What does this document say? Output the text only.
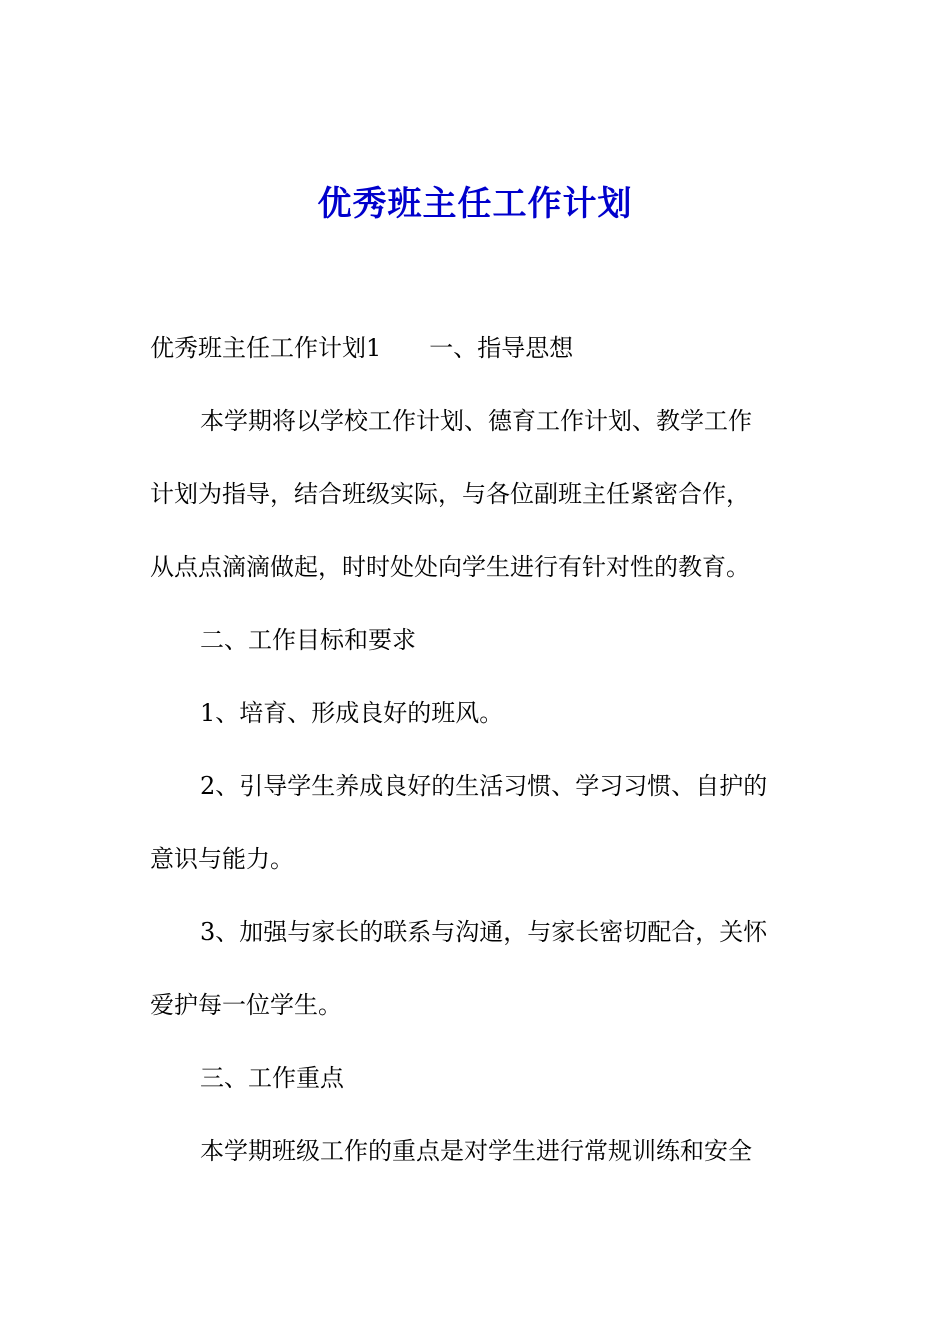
优秀班主任工作计划
优秀班主任工作计划1 一、指导思想
本学期将以学校工作计划、德育工作计划、教学工作
计划为指导，结合班级实际，与各位副班主任紧密合作，
从点点滴滴做起，时时处处向学生进行有针对性的教育。
二、工作目标和要求
1、培育、形成良好的班风。
2、引导学生养成良好的生活习惯、学习习惯、自护的
意识与能力。
3、加强与家长的联系与沟通，与家长密切配合，关怀
爱护每一位学生。
三、工作重点
本学期班级工作的重点是对学生进行常规训练和安全
